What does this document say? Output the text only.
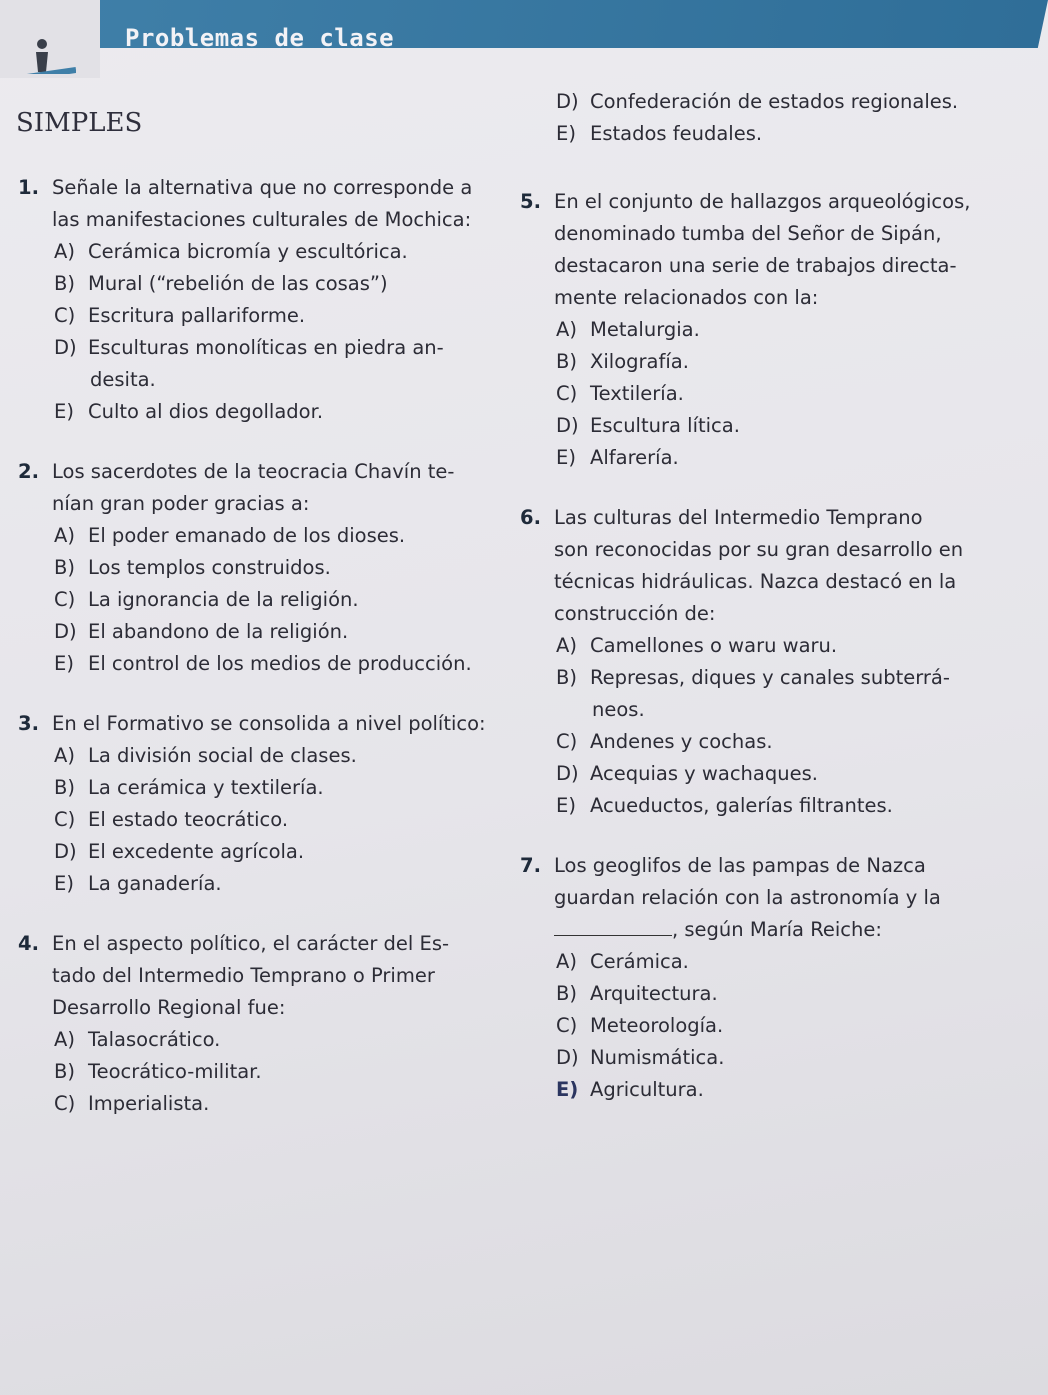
Problemas de clase
SIMPLES
1. Señale la alternativa que no corresponde a
las manifestaciones culturales de Mochica:
A) Cerámica bicromía y escultórica.
B) Mural (“rebelión de las cosas”)
C) Escritura pallariforme.
D) Esculturas monolíticas en piedra an-
desita.
E) Culto al dios degollador.
2. Los sacerdotes de la teocracia Chavín te-
nían gran poder gracias a:
A) El poder emanado de los dioses.
B) Los templos construidos.
C) La ignorancia de la religión.
D) El abandono de la religión.
E) El control de los medios de producción.
3. En el Formativo se consolida a nivel político:
A) La división social de clases.
B) La cerámica y textilería.
C) El estado teocrático.
D) El excedente agrícola.
E) La ganadería.
4. En el aspecto político, el carácter del Es-
tado del Intermedio Temprano o Primer
Desarrollo Regional fue:
A) Talasocrático.
B) Teocrático-militar.
C) Imperialista.
D) Confederación de estados regionales.
E) Estados feudales.
5. En el conjunto de hallazgos arqueológicos,
denominado tumba del Señor de Sipán,
destacaron una serie de trabajos directa-
mente relacionados con la:
A) Metalurgia.
B) Xilografía.
C) Textilería.
D) Escultura lítica.
E) Alfarería.
6. Las culturas del Intermedio Temprano
son reconocidas por su gran desarrollo en
técnicas hidráulicas. Nazca destacó en la
construcción de:
A) Camellones o waru waru.
B) Represas, diques y canales subterrá-
neos.
C) Andenes y cochas.
D) Acequias y wachaques.
E) Acueductos, galerías filtrantes.
7. Los geoglifos de las pampas de Nazca
guardan relación con la astronomía y la
, según María Reiche:
A) Cerámica.
B) Arquitectura.
C) Meteorología.
D) Numismática.
E) Agricultura.
